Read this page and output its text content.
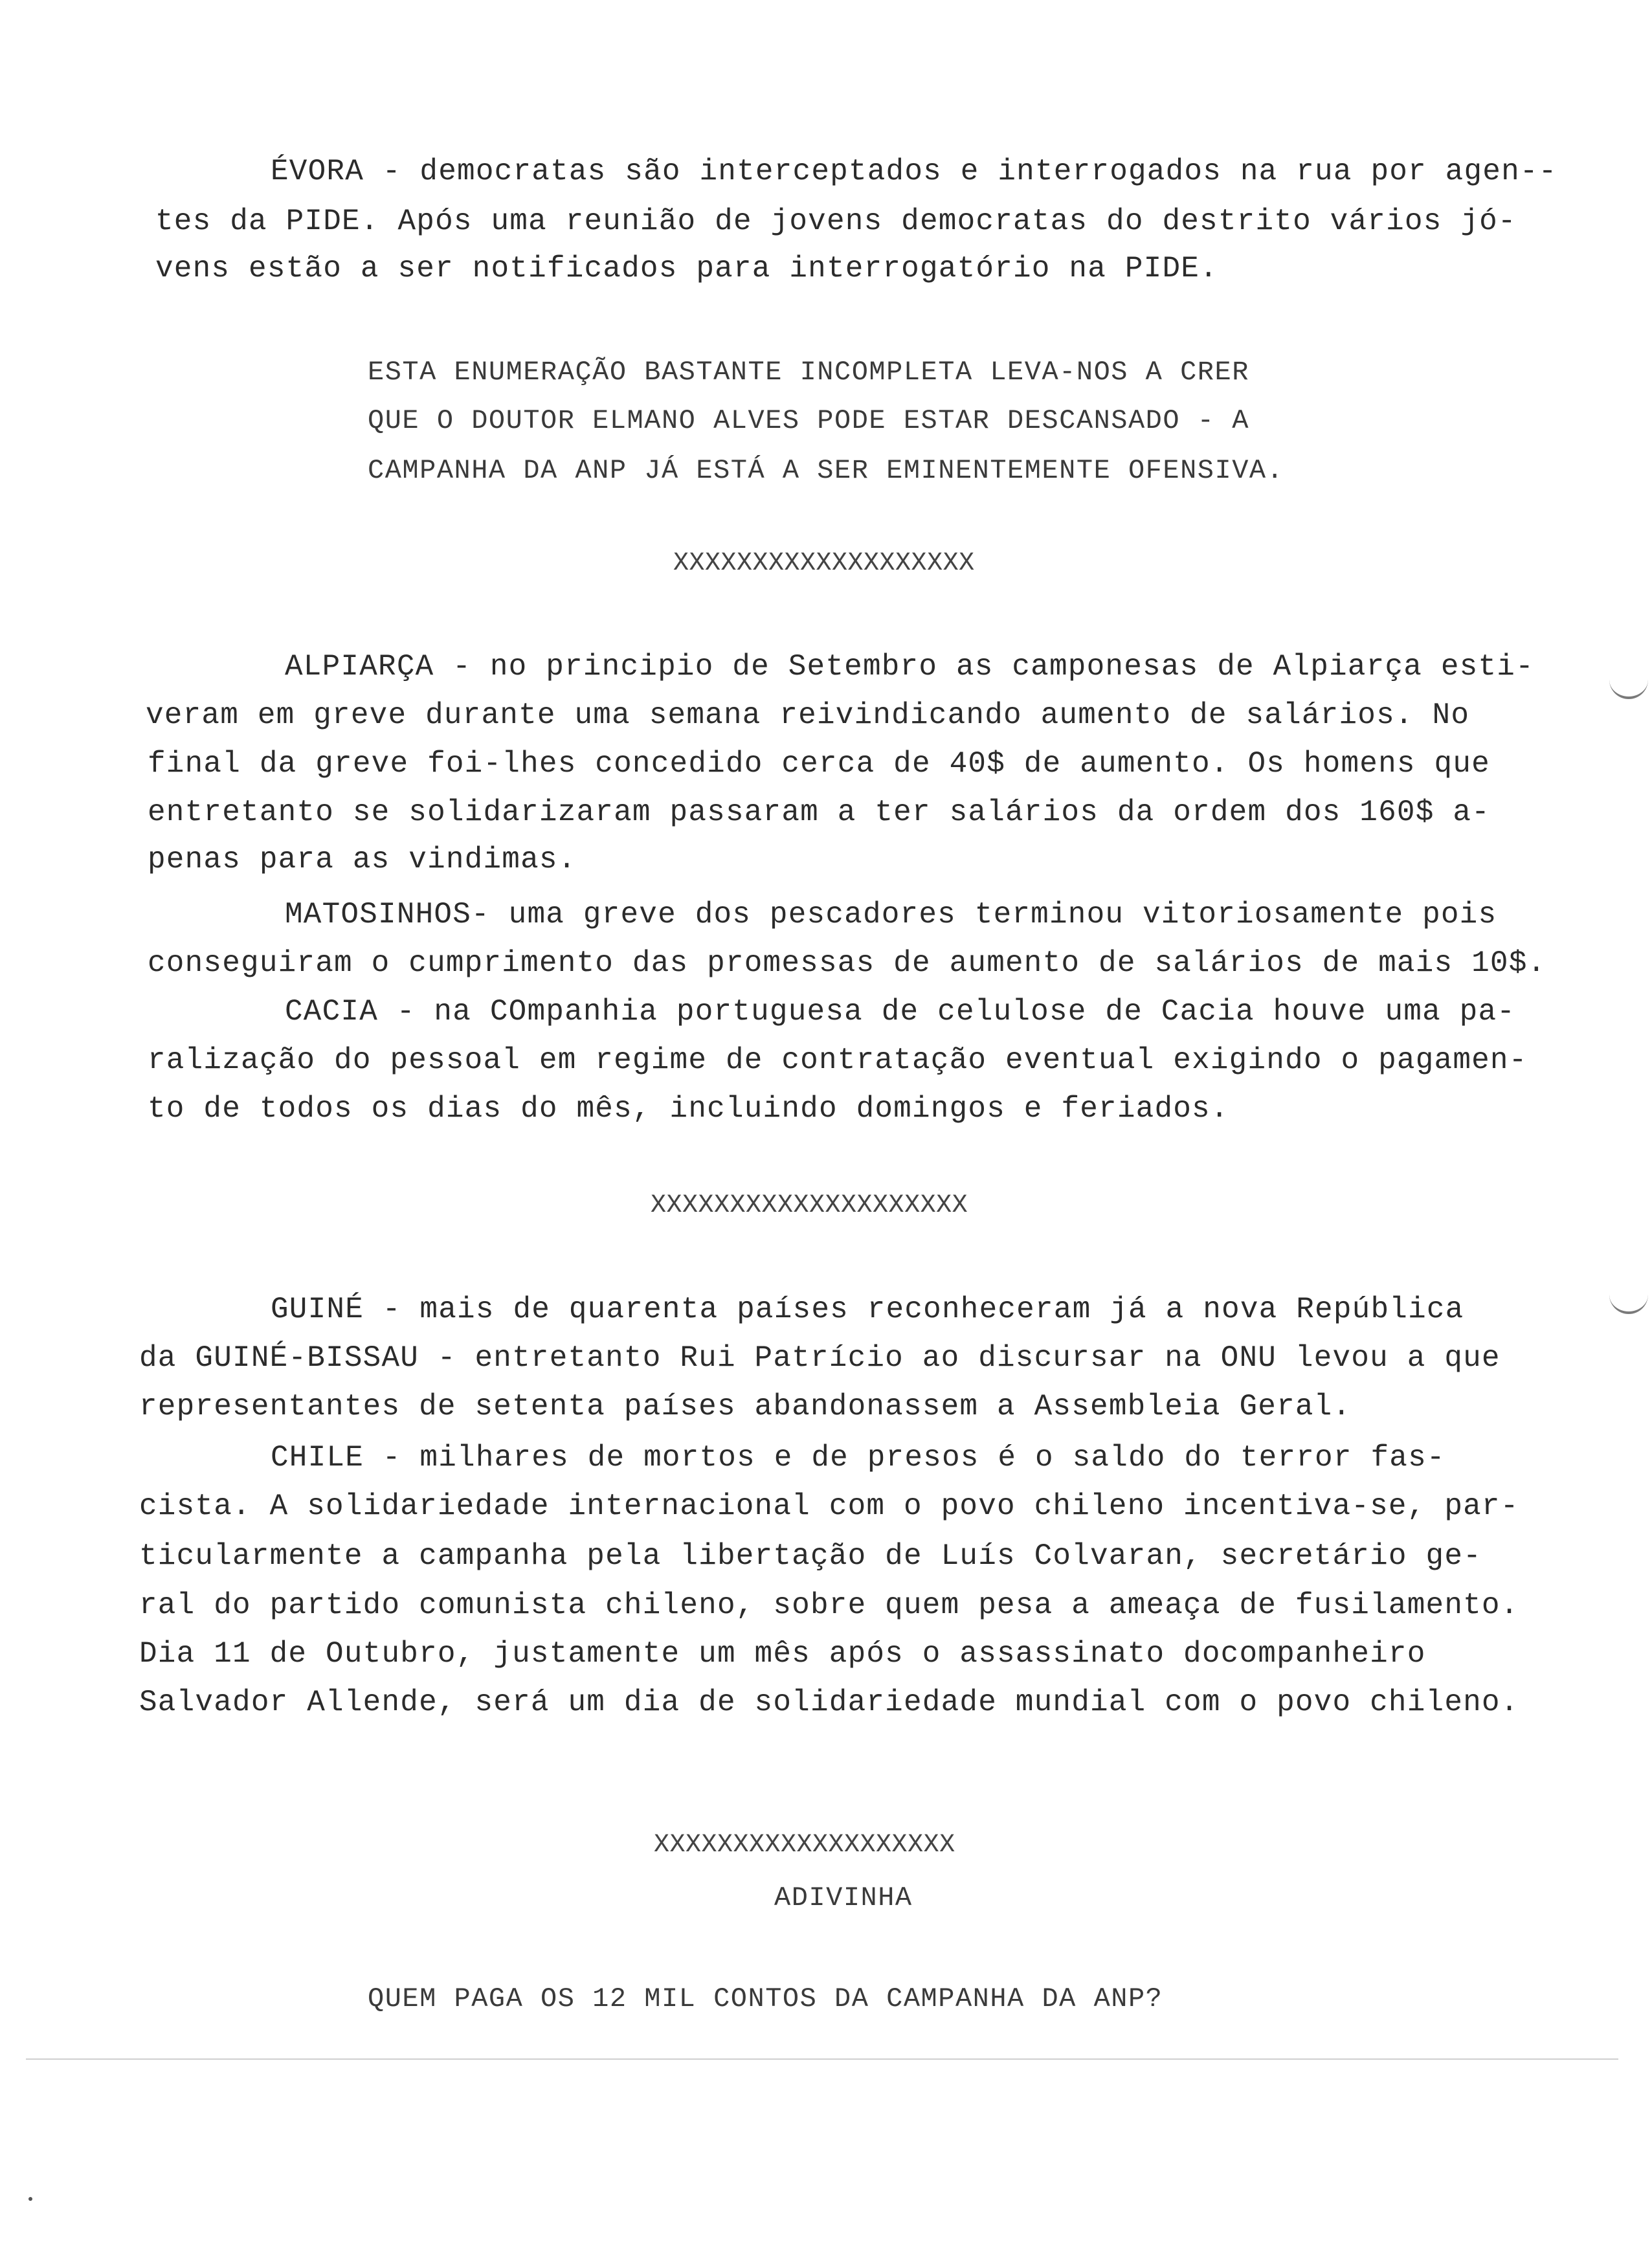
ÉVORA - democratas são interceptados e interrogados na rua por agen--
tes da PIDE. Após uma reunião de jovens democratas do destrito vários jó-
vens estão a ser notificados para interrogatório na PIDE.
ESTA ENUMERAÇÃO BASTANTE INCOMPLETA LEVA-NOS A CRER
QUE O DOUTOR ELMANO ALVES PODE ESTAR DESCANSADO - A
CAMPANHA DA ANP JÁ ESTÁ A SER EMINENTEMENTE OFENSIVA.
XXXXXXXXXXXXXXXXXXX
ALPIARÇA - no principio de Setembro as camponesas de Alpiarça esti-
veram em greve durante uma semana reivindicando aumento de salários. No
final da greve foi-lhes concedido cerca de 40$ de aumento. Os homens que
entretanto se solidarizaram passaram a ter salários da ordem dos 160$ a-
penas para as vindimas.
MATOSINHOS- uma greve dos pescadores terminou vitoriosamente pois
conseguiram o cumprimento das promessas de aumento de salários de mais 10$.
CACIA - na COmpanhia portuguesa de celulose de Cacia houve uma pa-
ralização do pessoal em regime de contratação eventual exigindo o pagamen-
to de todos os dias do mês, incluindo domingos e feriados.
XXXXXXXXXXXXXXXXXXXX
GUINÉ - mais de quarenta países reconheceram já a nova República
da GUINÉ-BISSAU - entretanto Rui Patrício ao discursar na ONU levou a que
representantes de setenta países abandonassem a Assembleia Geral.
CHILE - milhares de mortos e de presos é o saldo do terror fas-
cista. A solidariedade internacional com o povo chileno incentiva-se, par-
ticularmente a campanha pela libertação de Luís Colvaran, secretário ge-
ral do partido comunista chileno, sobre quem pesa a ameaça de fusilamento.
Dia 11 de Outubro, justamente um mês após o assassinato docompanheiro
Salvador Allende, será um dia de solidariedade mundial com o povo chileno.
XXXXXXXXXXXXXXXXXXX
ADIVINHA
QUEM PAGA OS 12 MIL CONTOS DA CAMPANHA DA ANP?
